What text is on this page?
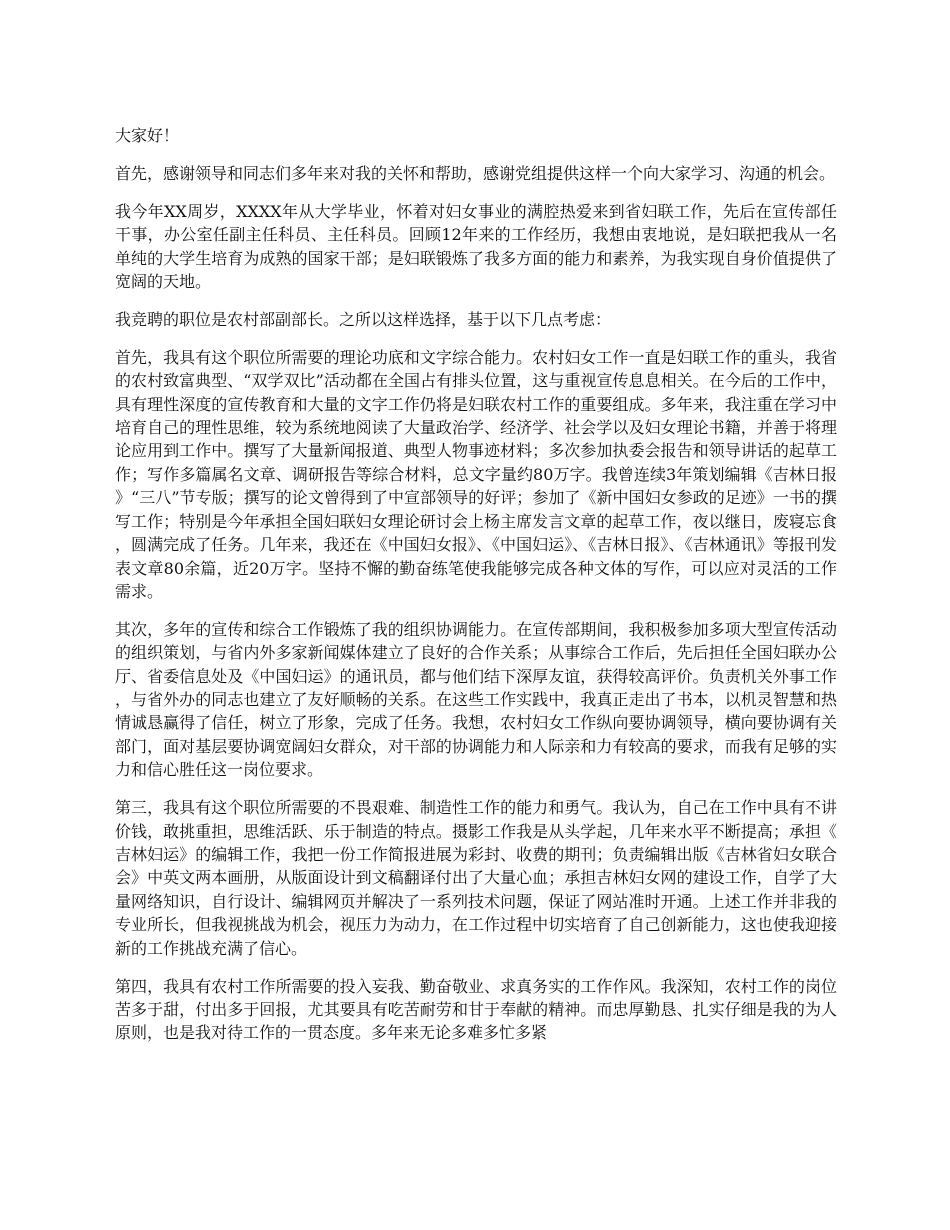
大家好！

首先，感谢领导和同志们多年来对我的关怀和帮助，感谢党组提供这样一个向大家学习、沟通的机会。

我今年XX周岁，XXXX年从大学毕业，怀着对妇女事业的满腔热爱来到省妇联工作，先后在宣传部任干事，办公室任副主任科员、主任科员。回顾12年来的工作经历，我想由衷地说，是妇联把我从一名单纯的大学生培育为成熟的国家干部；是妇联锻炼了我多方面的能力和素养，为我实现自身价值提供了宽阔的天地。

我竞聘的职位是农村部副部长。之所以这样选择，基于以下几点考虑：

首先，我具有这个职位所需要的理论功底和文字综合能力。农村妇女工作一直是妇联工作的重头，我省的农村致富典型、“双学双比”活动都在全国占有排头位置，这与重视宣传息息相关。在今后的工作中，具有理性深度的宣传教育和大量的文字工作仍将是妇联农村工作的重要组成。多年来，我注重在学习中培育自己的理性思维，较为系统地阅读了大量政治学、经济学、社会学以及妇女理论书籍，并善于将理论应用到工作中。撰写了大量新闻报道、典型人物事迹材料；多次参加执委会报告和领导讲话的起草工作；写作多篇属名文章、调研报告等综合材料，总文字量约80万字。我曾连续3年策划编辑《吉林日报》“三八”节专版；撰写的论文曾得到了中宣部领导的好评；参加了《新中国妇女参政的足迹》一书的撰写工作；特别是今年承担全国妇联妇女理论研讨会上杨主席发言文章的起草工作，夜以继日，废寝忘食，圆满完成了任务。几年来，我还在《中国妇女报》、《中国妇运》、《吉林日报》、《吉林通讯》等报刊发表文章80余篇，近20万字。坚持不懈的勤奋练笔使我能够完成各种文体的写作，可以应对灵活的工作需求。

其次，多年的宣传和综合工作锻炼了我的组织协调能力。在宣传部期间，我积极参加多项大型宣传活动的组织策划，与省内外多家新闻媒体建立了良好的合作关系；从事综合工作后，先后担任全国妇联办公厅、省委信息处及《中国妇运》的通讯员，都与他们结下深厚友谊，获得较高评价。负责机关外事工作，与省外办的同志也建立了友好顺畅的关系。在这些工作实践中，我真正走出了书本，以机灵智慧和热情诚恳赢得了信任，树立了形象，完成了任务。我想，农村妇女工作纵向要协调领导，横向要协调有关部门，面对基层要协调宽阔妇女群众，对干部的协调能力和人际亲和力有较高的要求，而我有足够的实力和信心胜任这一岗位要求。

第三，我具有这个职位所需要的不畏艰难、制造性工作的能力和勇气。我认为，自己在工作中具有不讲价钱，敢挑重担，思维活跃、乐于制造的特点。摄影工作我是从头学起，几年来水平不断提高；承担《吉林妇运》的编辑工作，我把一份工作简报进展为彩封、收费的期刊；负责编辑出版《吉林省妇女联合会》中英文两本画册，从版面设计到文稿翻译付出了大量心血；承担吉林妇女网的建设工作，自学了大量网络知识，自行设计、编辑网页并解决了一系列技术问题，保证了网站准时开通。上述工作并非我的专业所长，但我视挑战为机会，视压力为动力，在工作过程中切实培育了自己创新能力，这也使我迎接新的工作挑战充满了信心。

第四，我具有农村工作所需要的投入妄我、勤奋敬业、求真务实的工作作风。我深知，农村工作的岗位苦多于甜，付出多于回报，尤其要具有吃苦耐劳和甘于奉献的精神。而忠厚勤恳、扎实仔细是我的为人原则，也是我对待工作的一贯态度。多年来无论多难多忙多紧
